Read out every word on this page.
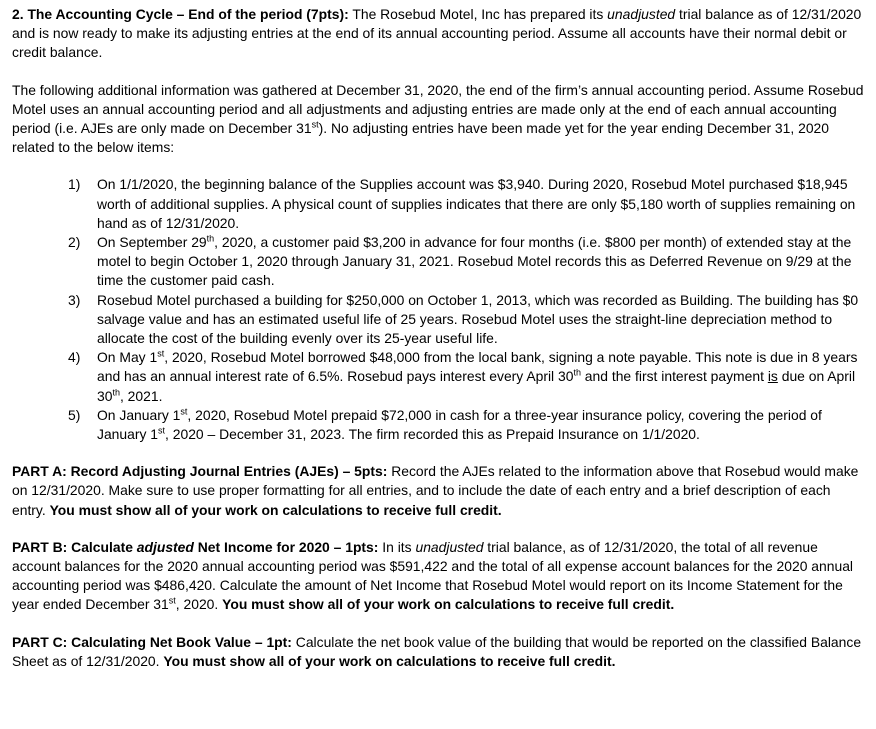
2. The Accounting Cycle – End of the period (7pts): The Rosebud Motel, Inc has prepared its unadjusted trial balance as of 12/31/2020 and is now ready to make its adjusting entries at the end of its annual accounting period. Assume all accounts have their normal debit or credit balance.

The following additional information was gathered at December 31, 2020, the end of the firm’s annual accounting period. Assume Rosebud Motel uses an annual accounting period and all adjustments and adjusting entries are made only at the end of each annual accounting period (i.e. AJEs are only made on December 31st). No adjusting entries have been made yet for the year ending December 31, 2020 related to the below items:

1) On 1/1/2020, the beginning balance of the Supplies account was $3,940. During 2020, Rosebud Motel purchased $18,945 worth of additional supplies. A physical count of supplies indicates that there are only $5,180 worth of supplies remaining on hand as of 12/31/2020.
2) On September 29th, 2020, a customer paid $3,200 in advance for four months (i.e. $800 per month) of extended stay at the motel to begin October 1, 2020 through January 31, 2021. Rosebud Motel records this as Deferred Revenue on 9/29 at the time the customer paid cash.
3) Rosebud Motel purchased a building for $250,000 on October 1, 2013, which was recorded as Building. The building has $0 salvage value and has an estimated useful life of 25 years. Rosebud Motel uses the straight-line depreciation method to allocate the cost of the building evenly over its 25-year useful life.
4) On May 1st, 2020, Rosebud Motel borrowed $48,000 from the local bank, signing a note payable. This note is due in 8 years and has an annual interest rate of 6.5%. Rosebud pays interest every April 30th and the first interest payment is due on April 30th, 2021.
5) On January 1st, 2020, Rosebud Motel prepaid $72,000 in cash for a three-year insurance policy, covering the period of January 1st, 2020 – December 31, 2023. The firm recorded this as Prepaid Insurance on 1/1/2020.

PART A: Record Adjusting Journal Entries (AJEs) – 5pts: Record the AJEs related to the information above that Rosebud would make on 12/31/2020. Make sure to use proper formatting for all entries, and to include the date of each entry and a brief description of each entry. You must show all of your work on calculations to receive full credit.

PART B: Calculate adjusted Net Income for 2020 – 1pts: In its unadjusted trial balance, as of 12/31/2020, the total of all revenue account balances for the 2020 annual accounting period was $591,422 and the total of all expense account balances for the 2020 annual accounting period was $486,420. Calculate the amount of Net Income that Rosebud Motel would report on its Income Statement for the year ended December 31st, 2020. You must show all of your work on calculations to receive full credit.

PART C: Calculating Net Book Value – 1pt: Calculate the net book value of the building that would be reported on the classified Balance Sheet as of 12/31/2020. You must show all of your work on calculations to receive full credit.
